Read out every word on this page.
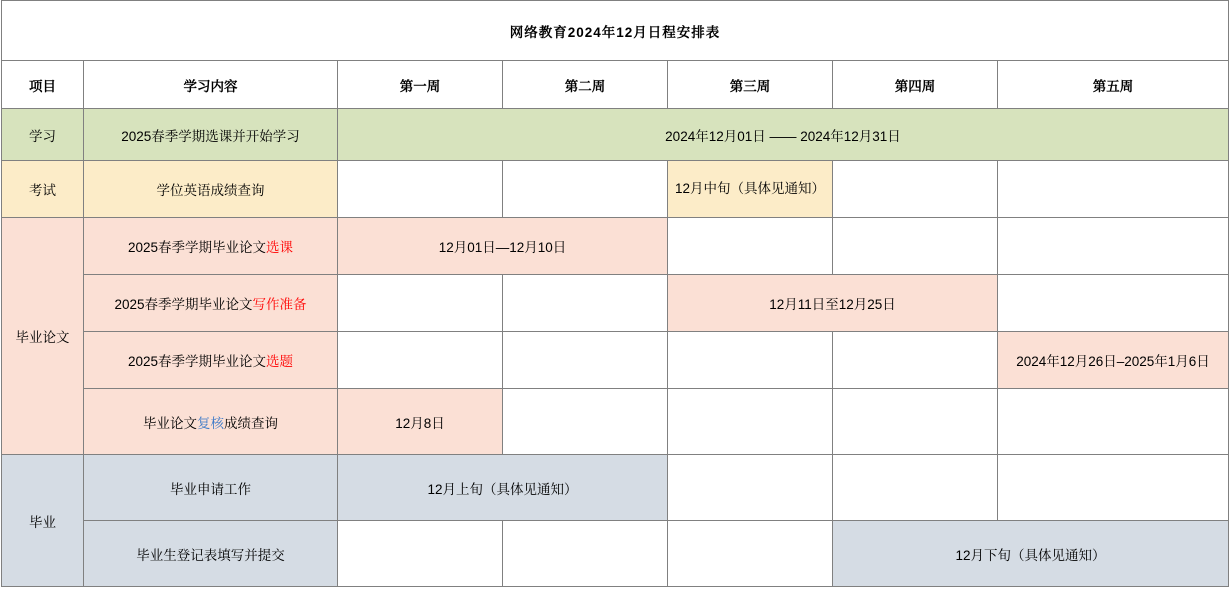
网络教育2024年12月日程安排表						
项目	学习内容	第一周	第二周	第三周	第四周	第五周
学习	2025春季学期选课并开始学习	2024年12月01日 —— 2024年12月31日				
考试	学位英语成绩查询			12月中旬（具体见通知）		
毕业论文	2025春季学期毕业论文选课	12月01日—12月10日				
	2025春季学期毕业论文写作准备			12月11日至12月25日		
	2025春季学期毕业论文选题					2024年12月26日–2025年1月6日
	毕业论文复核成绩查询	12月8日				
毕业	毕业申请工作	12月上旬（具体见通知）				
	毕业生登记表填写并提交				12月下旬（具体见通知）	
